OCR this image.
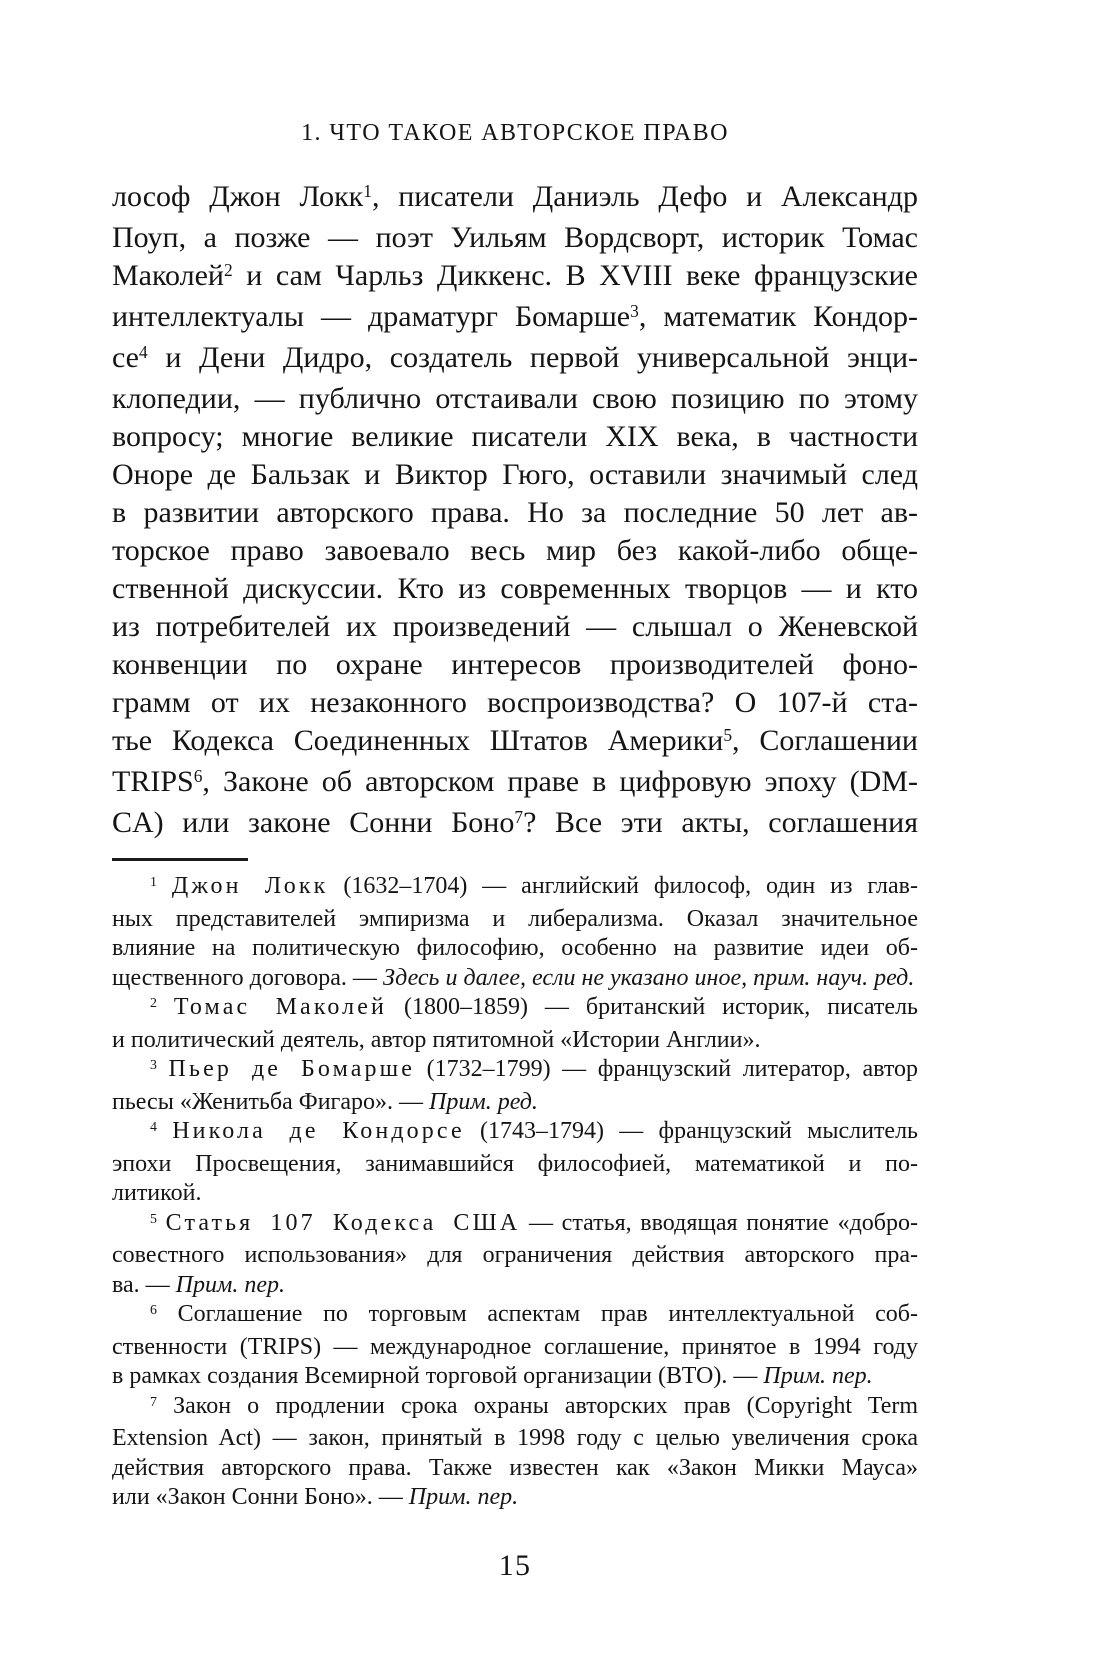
1. ЧТО ТАКОЕ АВТОРСКОЕ ПРАВО
лософ Джон Локк$^1$, писатели Даниэль Дефо и Александр
Поуп, а позже — поэт Уильям Вордсворт, историк Томас
Маколей$^2$ и сам Чарльз Диккенс. В XVIII веке французские
интеллектуалы — драматург Бомарше$^3$, математик Кондор-
$се^4$ и Дени Дидро, создатель первой универсальной энци-
клопедии, — публично отстаивали свою позицию по этому
вопросу; многие великие писатели XIX века, в частности
Оноре де Бальзак и Виктор Гюго, оставили значимый след
в развитии авторского права. Но за последние 50 лет ав-
торское право завоевало весь мир без какой-либо обще-
ственной дискуссии. Кто из современных творцов — и кто
из потребителей их произведений — слышал о Женевской
конвенции по охране интересов производителей фоно-
грамм от их незаконного воспроизводства? О 107-й ста-
тье Кодекса Соединенных Штатов Америки$^5$, Соглашении
TRIPS$^6$, Законе об авторском праве в цифровую эпоху (DM-
CA) или законе Сонни Боно$^7$? Все эти акты, соглашения
$^1$ Джон Локк (1632–1704) — английский философ, один из глав-
ных представителей эмпиризма и либерализма. Оказал значительное
влияние на политическую философию, особенно на развитие идеи об-
щественного договора. — Здесь и далее, если не указано иное, прим. науч. ред.
$^2$ Томас Маколей (1800–1859) — британский историк, писатель
и политический деятель, автор пятитомной «Истории Англии».
$^3$ Пьер де Бомарше (1732–1799) — французский литератор, автор
пьесы «Женитьба Фигаро». — Прим. ред.
$^4$ Никола де Кондорсе (1743–1794) — французский мыслитель
эпохи Просвещения, занимавшийся философией, математикой и по-
литикой.
$^5$ Статья 107 Кодекса США — статья, вводящая понятие «добро-
совестного использования» для ограничения действия авторского пра-
ва. — Прим. пер.
$^6$ Соглашение по торговым аспектам прав интеллектуальной соб-
ственности (TRIPS) — международное соглашение, принятое в 1994 году
в рамках создания Всемирной торговой организации (ВТО). — Прим. пер.
$^7$ Закон о продлении срока охраны авторских прав (Copyright Term
Extension Act) — закон, принятый в 1998 году с целью увеличения срока
действия авторского права. Также известен как «Закон Микки Мауса»
или «Закон Сонни Боно». — Прим. пер.
15
